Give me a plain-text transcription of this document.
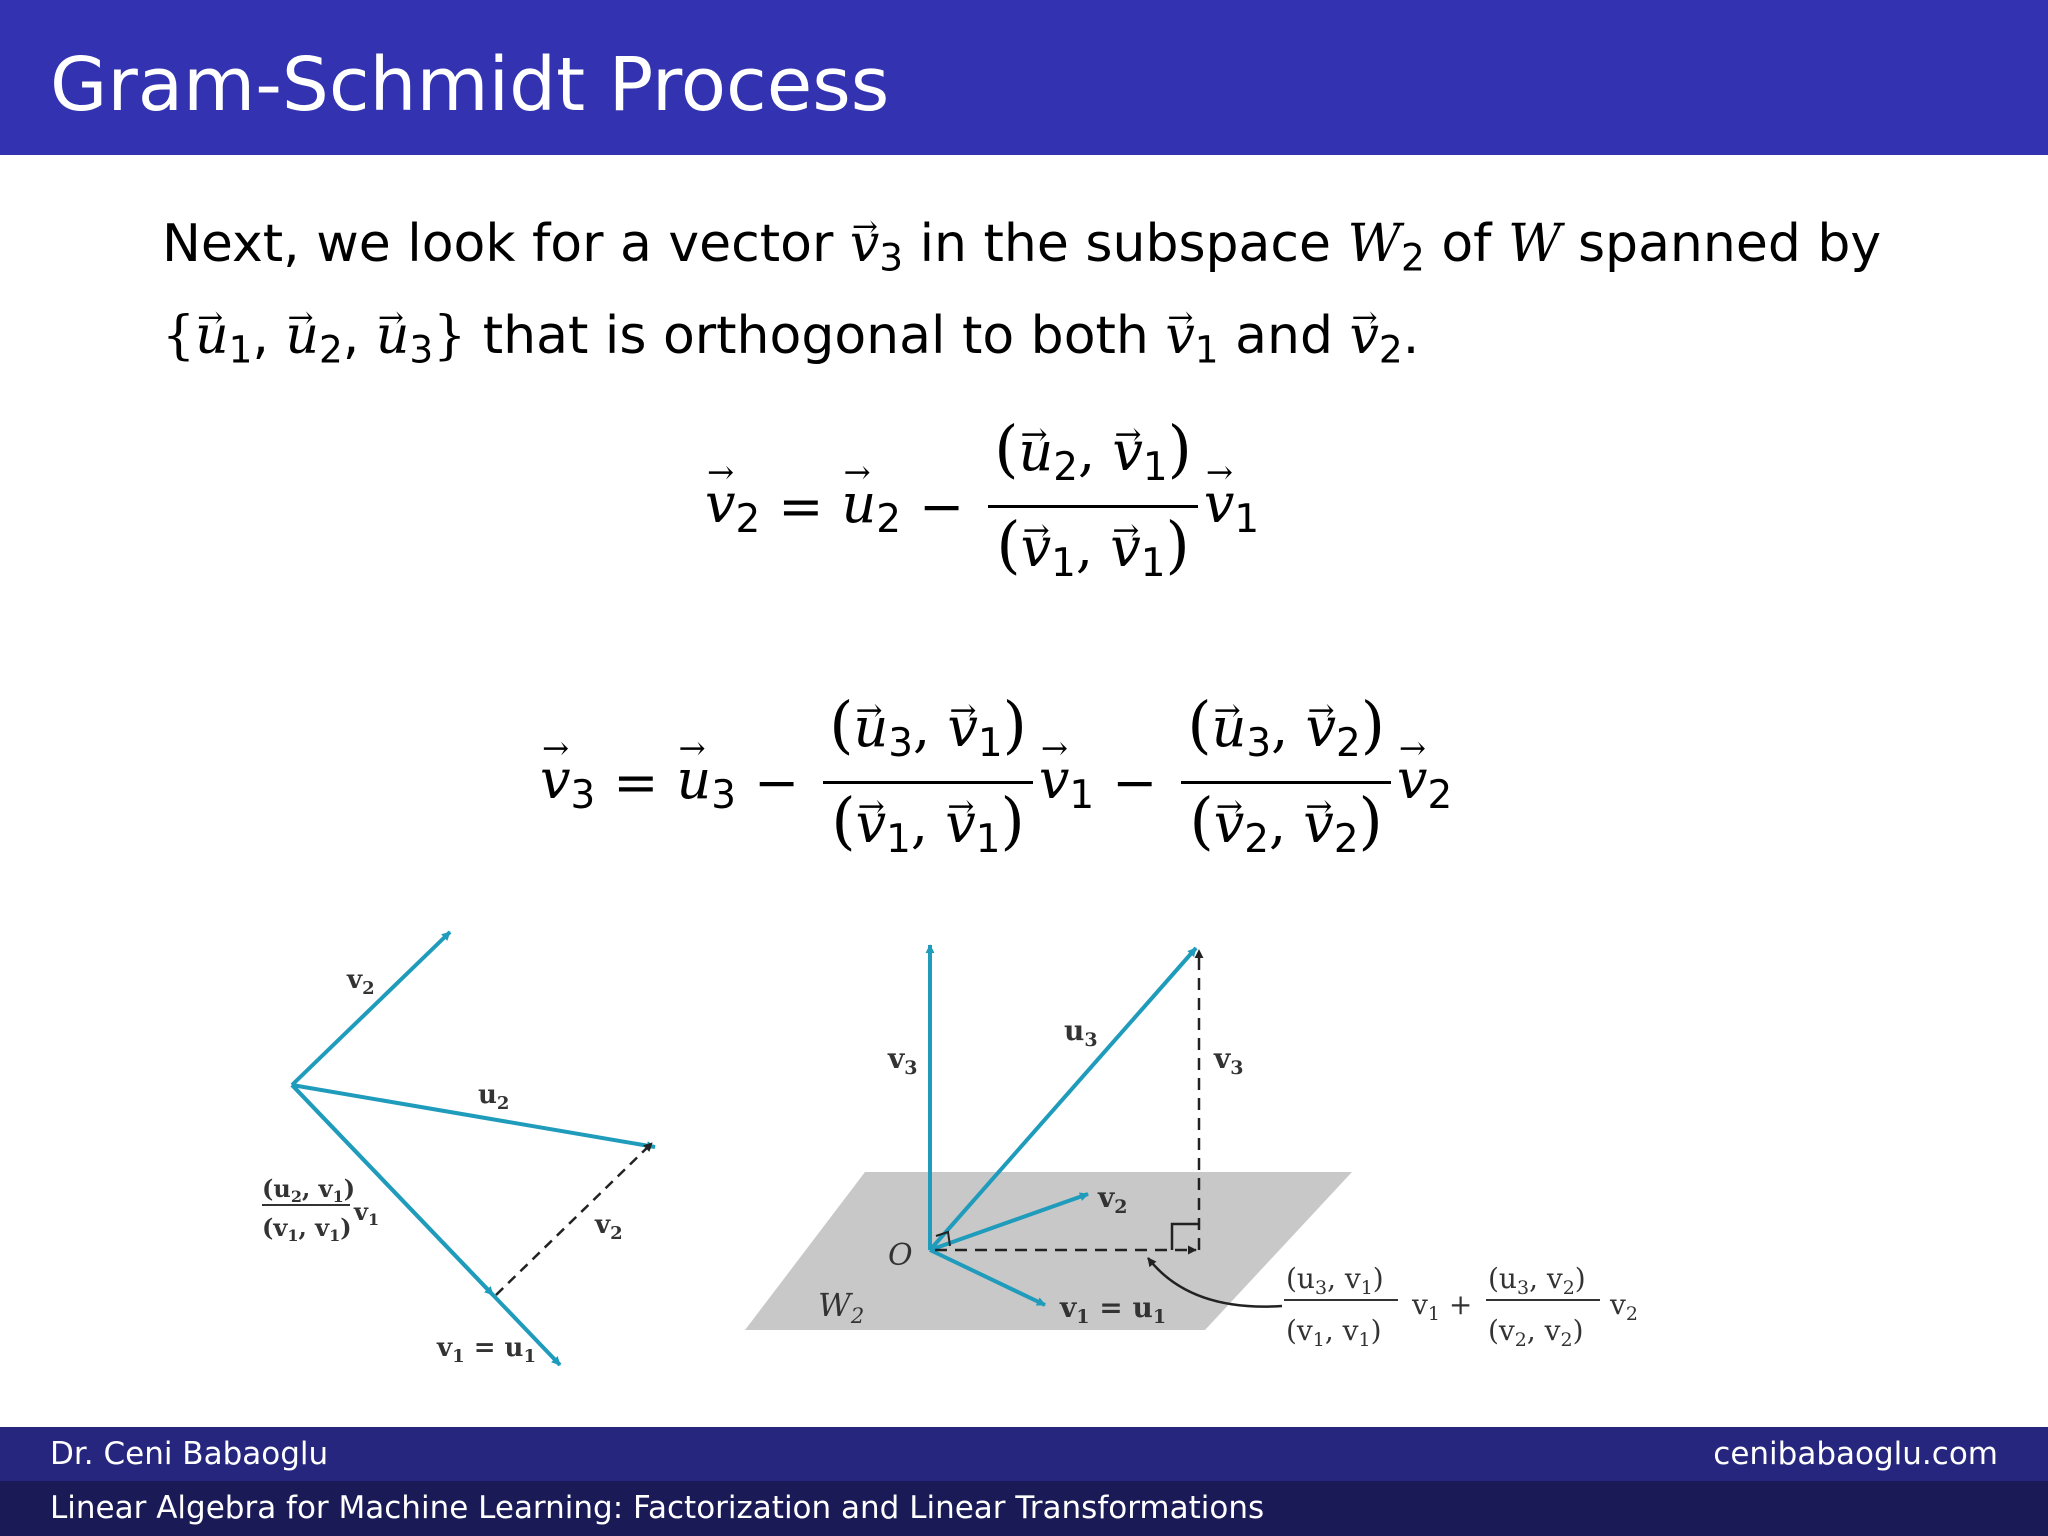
Gram-Schmidt Process
Next, we look for a vector → $v_3$ in the subspace $W_2$ of W spanned by
{→ $u_1$, → $u_2$, → $u_3$} that is orthogonal to both → $v_1$ and → $v_2$.
→ $v_2$ =
→ $u_2 - \frac{(\to u_2, \to v_1)}{(\to v_1, \to v_1)}$
→ $v_1$
→ $v_3$ =
→ $u_3 - \frac{(\to u_3, \to v_1)}{(\to v_1, \to v_1)}$
→ $v_1 - \frac{(\to u_3, \to v_2)}{(\to v_2, \to v_2)}$
→ $v_2$
$v_2$
$u_2$
$v_2$
($u_2$, $v_1$)
($v_1$, $v_1$)
$v_1$
$v_1 = u_1$
$v_3$
$u_3$
$v_3$
$v_2$
O
$W_2$	$v_1 = u_1$
($u_3$, $v_1$)
($v_1$, $v_1$)
$v_1$ +
($u_3$, $v_2$)
($v_2$, $v_2$)
$v_2$
Dr. Ceni Babaoglu	cenibabaoglu.com
Linear Algebra for Machine Learning: Factorization and Linear Transformations
